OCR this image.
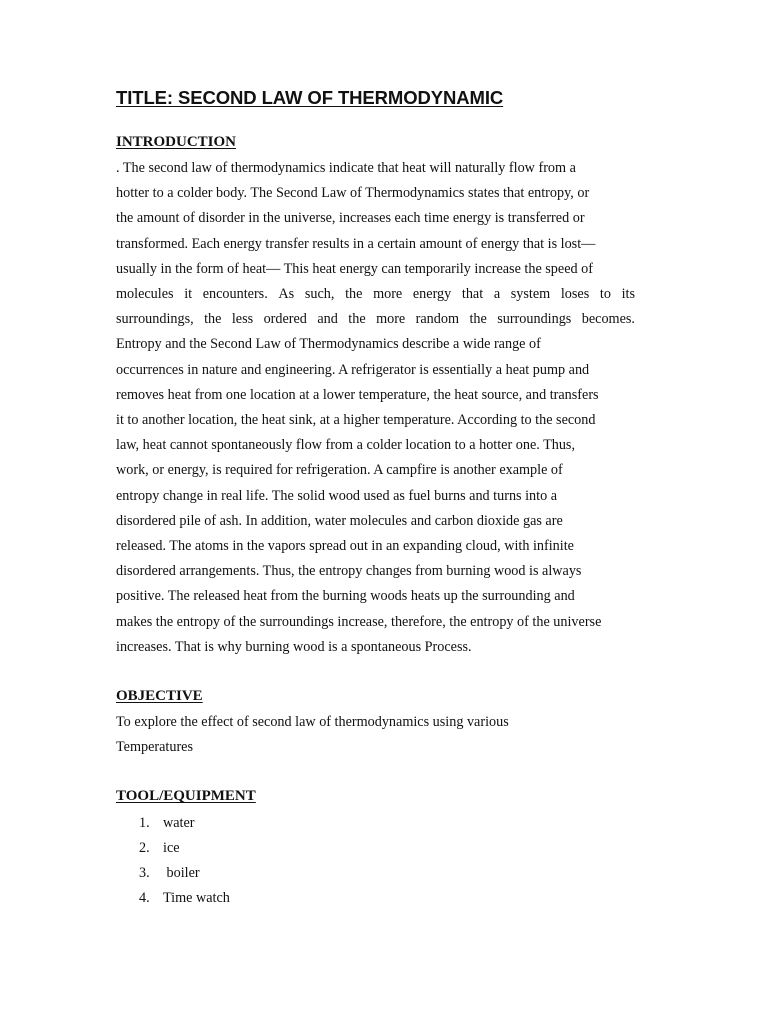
TITLE: SECOND LAW OF THERMODYNAMIC
INTRODUCTION
. The second law of thermodynamics indicate that heat will naturally flow from a
hotter to a colder body. The Second Law of Thermodynamics states that entropy, or
the amount of disorder in the universe, increases each time energy is transferred or
transformed. Each energy transfer results in a certain amount of energy that is lost—
usually in the form of heat— This heat energy can temporarily increase the speed of
molecules it encounters. As such, the more energy that a system loses to its
surroundings, the less ordered and the more random the surroundings becomes.
Entropy and the Second Law of Thermodynamics describe a wide range of
occurrences in nature and engineering. A refrigerator is essentially a heat pump and
removes heat from one location at a lower temperature, the heat source, and transfers
it to another location, the heat sink, at a higher temperature. According to the second
law, heat cannot spontaneously flow from a colder location to a hotter one. Thus,
work, or energy, is required for refrigeration. A campfire is another example of
entropy change in real life. The solid wood used as fuel burns and turns into a
disordered pile of ash. In addition, water molecules and carbon dioxide gas are
released. The atoms in the vapors spread out in an expanding cloud, with infinite
disordered arrangements. Thus, the entropy changes from burning wood is always
positive. The released heat from the burning woods heats up the surrounding and
makes the entropy of the surroundings increase, therefore, the entropy of the universe
increases. That is why burning wood is a spontaneous Process.
OBJECTIVE
To explore the effect of second law of thermodynamics using various
Temperatures
TOOL/EQUIPMENT
1. water
2. ice
3. boiler
4. Time watch
